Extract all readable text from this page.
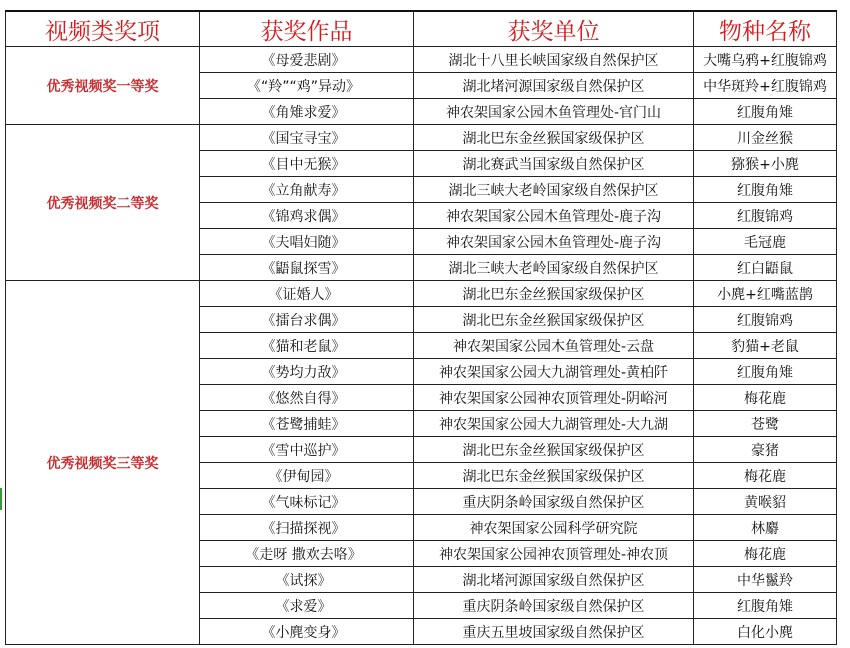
视频类奖项	获奖作品	获奖单位	物种名称
优秀视频奖一等奖	《母爱悲剧》	湖北十八里长峡国家级自然保护区	大嘴乌鸦+红腹锦鸡
	《“羚”“鸡”异动》	湖北堵河源国家级自然保护区	中华斑羚+红腹锦鸡
	《角雉求爱》	神农架国家公园木鱼管理处-官门山	红腹角雉
优秀视频奖二等奖	《国宝寻宝》	湖北巴东金丝猴国家级保护区	川金丝猴
	《目中无猴》	湖北赛武当国家级自然保护区	猕猴+小麂
	《立角献寿》	湖北三峡大老岭国家级自然保护区	红腹角雉
	《锦鸡求偶》	神农架国家公园木鱼管理处-鹿子沟	红腹锦鸡
	《夫唱妇随》	神农架国家公园木鱼管理处-鹿子沟	毛冠鹿
	《鼯鼠探雪》	湖北三峡大老岭国家级自然保护区	红白鼯鼠
优秀视频奖三等奖	《证婚人》	湖北巴东金丝猴国家级保护区	小麂+红嘴蓝鹊
	《擂台求偶》	湖北巴东金丝猴国家级保护区	红腹锦鸡
	《猫和老鼠》	神农架国家公园木鱼管理处-云盘	豹猫+老鼠
	《势均力敌》	神农架国家公园大九湖管理处-黄柏阡	红腹角雉
	《悠然自得》	神农架国家公园神农顶管理处-阴峪河	梅花鹿
	《苍鹭捕蛙》	神农架国家公园大九湖管理处-大九湖	苍鹭
	《雪中巡护》	湖北巴东金丝猴国家级保护区	豪猪
	《伊甸园》	湖北巴东金丝猴国家级保护区	梅花鹿
	《气味标记》	重庆阴条岭国家级自然保护区	黄喉貂
	《扫描探视》	神农架国家公园科学研究院	林麝
	《走呀 撒欢去咯》	神农架国家公园神农顶管理处-神农顶	梅花鹿
	《试探》	湖北堵河源国家级自然保护区	中华鬣羚
	《求爱》	重庆阴条岭国家级自然保护区	红腹角雉
	《小麂变身》	重庆五里坡国家级自然保护区	白化小麂
